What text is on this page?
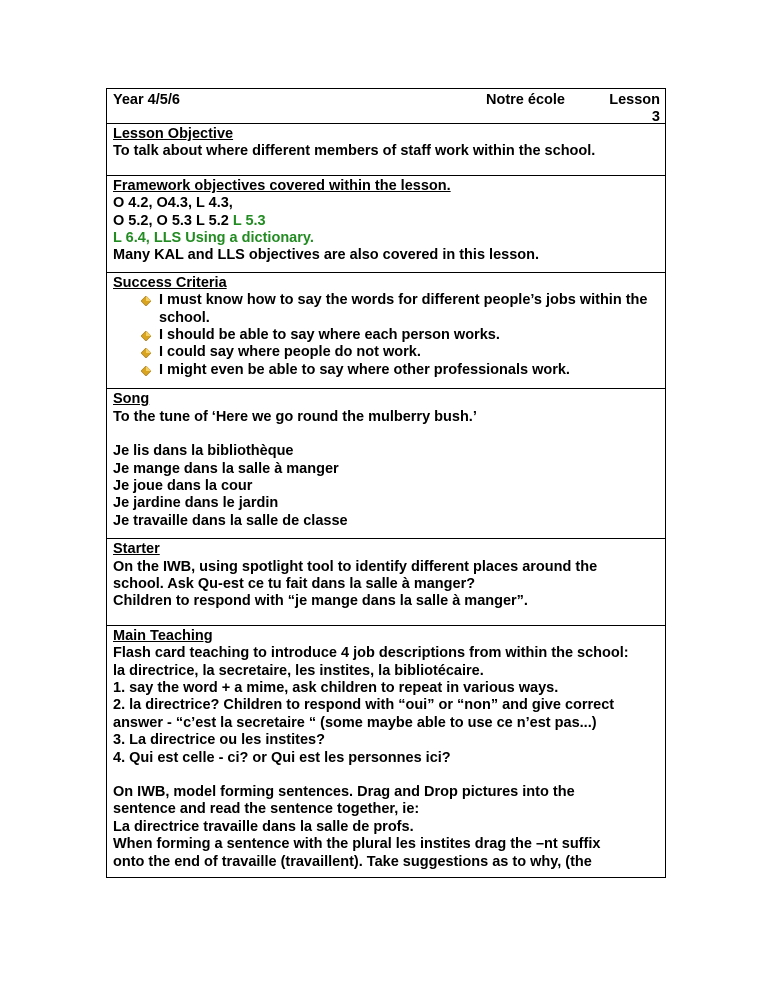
Year 4/5/6	Notre école	Lesson 3
Lesson Objective
To talk about where different members of staff work within the school.
Framework objectives covered within the lesson.
O 4.2, O4.3, L 4.3,
O 5.2, O 5.3 L 5.2 L 5.3
L 6.4, LLS Using a dictionary.
Many KAL and LLS objectives are also covered in this lesson.
Success Criteria
I must know how to say the words for different people’s jobs within the school.
I should be able to say where each person works.
I could say where people do not work.
I might even be able to say where other professionals work.
Song
To the tune of ‘Here we go round the mulberry bush.’
Je lis dans la bibliothèque
Je mange dans la salle à manger
Je joue dans la cour
Je jardine dans le jardin
Je travaille dans la salle de classe
Starter
On the IWB, using spotlight tool to identify different places around the
school. Ask Qu-est ce tu fait dans la salle à manger?
Children to respond with “je mange dans la salle à manger”.
Main Teaching
Flash card teaching to introduce 4 job descriptions from within the school:
la directrice, la secretaire, les instites, la bibliotécaire.
1. say the word + a mime, ask children to repeat in various ways.
2. la directrice? Children to respond with “oui” or “non” and give correct
answer - “c’est la secretaire “ (some maybe able to use ce n’est pas...)
3. La directrice ou les instites?
4. Qui est celle - ci? or Qui est les personnes ici?
On IWB, model forming sentences. Drag and Drop pictures into the
sentence and read the sentence together, ie:
La directrice travaille dans la salle de profs.
When forming a sentence with the plural les instites drag the –nt suffix
onto the end of travaille (travaillent). Take suggestions as to why, (the
